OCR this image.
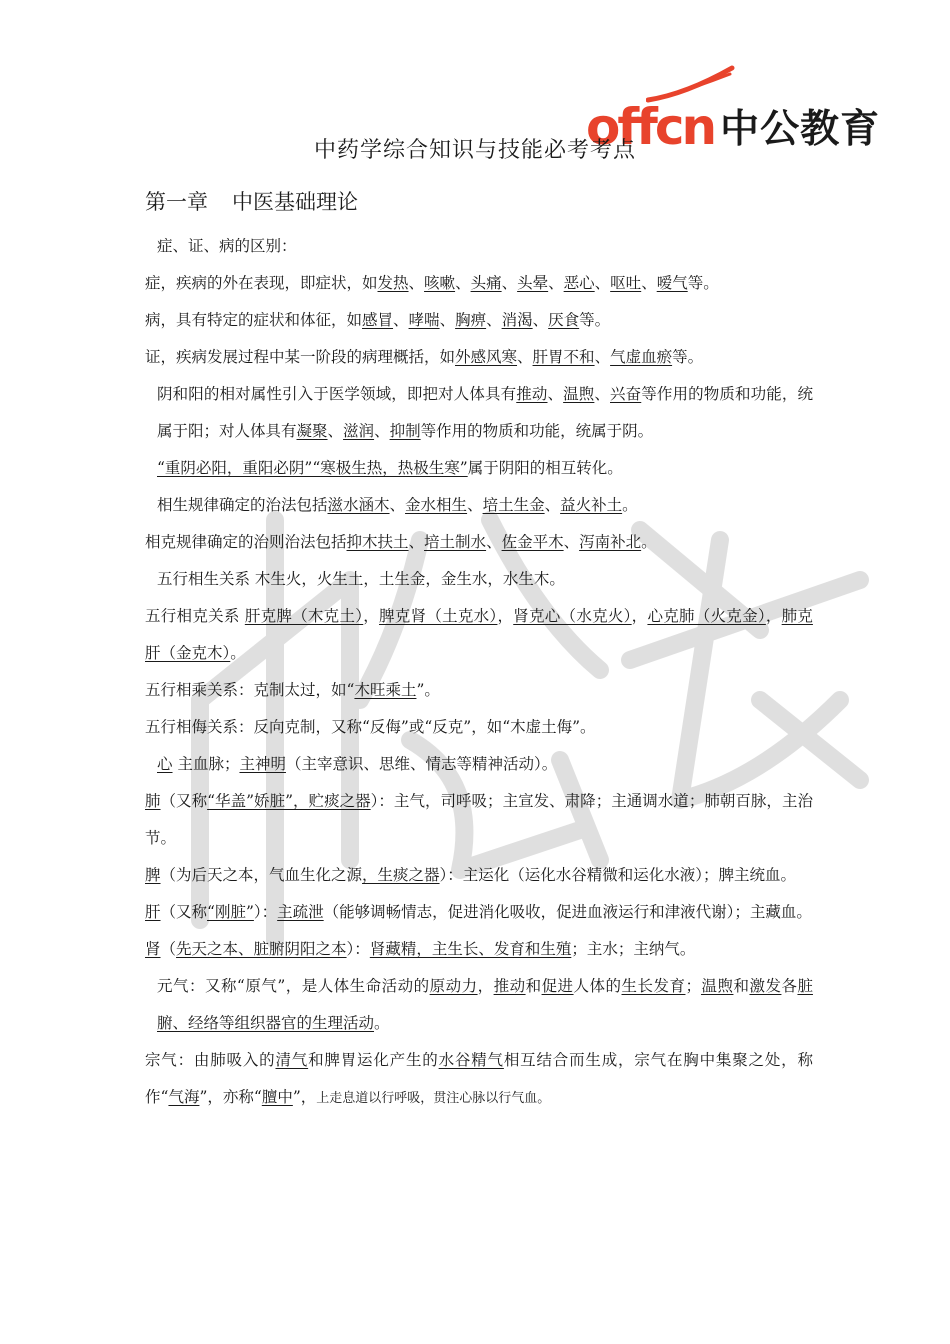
offcn 中公教育
中药学综合知识与技能必考考点
第一章 中医基础理论

症、证、病的区别：

症，疾病的外在表现，即症状，如发热、咳嗽、头痛、头晕、恶心、呕吐、嗳气等。

病，具有特定的症状和体征，如感冒、哮喘、胸痹、消渴、厌食等。

证，疾病发展过程中某一阶段的病理概括，如外感风寒、肝胃不和、气虚血瘀等。

阴和阳的相对属性引入于医学领域，即把对人体具有推动、温煦、兴奋等作用的物质和功能，统属于阳；对人体具有凝聚、滋润、抑制等作用的物质和功能，统属于阴。

“重阴必阳，重阳必阴”“寒极生热，热极生寒”属于阴阳的相互转化。

相生规律确定的治法包括滋水涵木、金水相生、培土生金、益火补土。

相克规律确定的治则治法包括抑木扶土、培土制水、佐金平木、泻南补北。

五行相生关系 木生火，火生土，土生金，金生水，水生木。

五行相克关系 肝克脾（木克土），脾克肾（土克水），肾克心（水克火），心克肺（火克金），肺克肝（金克木）。

五行相乘关系：克制太过，如“木旺乘土”。

五行相侮关系：反向克制，又称“反侮”或“反克”，如“木虚土侮”。

心 主血脉；主神明（主宰意识、思维、情志等精神活动）。

肺（又称“华盖”娇脏”，贮痰之器）：主气，司呼吸；主宣发、肃降；主通调水道；肺朝百脉，主治节。

脾（为后天之本，气血生化之源，生痰之器）：主运化（运化水谷精微和运化水液）；脾主统血。

肝（又称“刚脏”）：主疏泄（能够调畅情志，促进消化吸收，促进血液运行和津液代谢）；主藏血。

肾（先天之本、脏腑阴阳之本）：肾藏精，主生长、发育和生殖；主水；主纳气。

元气：又称“原气”，是人体生命活动的原动力，推动和促进人体的生长发育；温煦和激发各脏腑、经络等组织器官的生理活动。

宗气：由肺吸入的清气和脾胃运化产生的水谷精气相互结合而生成，宗气在胸中集聚之处，称作“气海”，亦称“膻中”，上走息道以行呼吸，贯注心脉以行气血。
